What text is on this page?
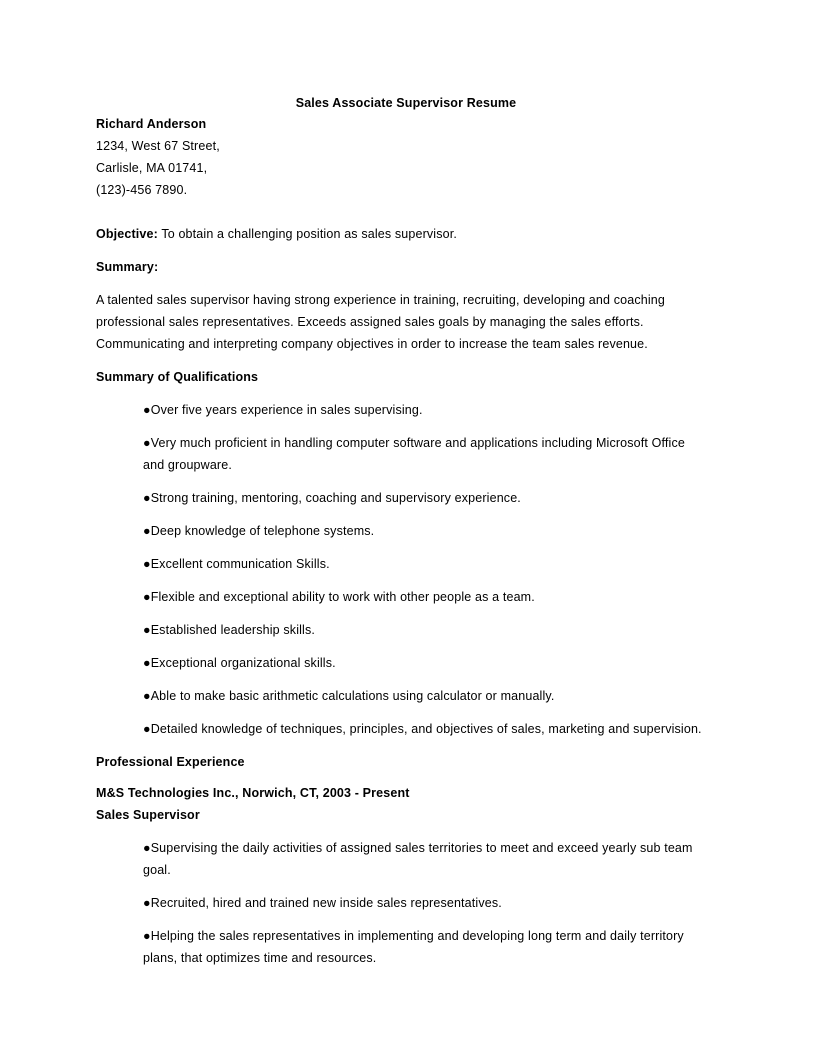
Sales Associate Supervisor Resume
Richard Anderson
1234, West 67 Street,
Carlisle, MA 01741,
(123)-456 7890.
Objective: To obtain a challenging position as sales supervisor.
Summary:
A talented sales supervisor having strong experience in training, recruiting, developing and coaching professional sales representatives. Exceeds assigned sales goals by managing the sales efforts. Communicating and interpreting company objectives in order to increase the team sales revenue.
Summary of Qualifications
●Over five years experience in sales supervising.
●Very much proficient in handling computer software and applications including Microsoft Office and groupware.
●Strong training, mentoring, coaching and supervisory experience.
●Deep knowledge of telephone systems.
●Excellent communication Skills.
●Flexible and exceptional ability to work with other people as a team.
●Established leadership skills.
●Exceptional organizational skills.
●Able to make basic arithmetic calculations using calculator or manually.
●Detailed knowledge of techniques, principles, and objectives of sales, marketing and supervision.
Professional Experience
M&S Technologies Inc., Norwich, CT, 2003 - Present
Sales Supervisor
●Supervising the daily activities of assigned sales territories to meet and exceed yearly sub team goal.
●Recruited, hired and trained new inside sales representatives.
●Helping the sales representatives in implementing and developing long term and daily territory plans, that optimizes time and resources.
